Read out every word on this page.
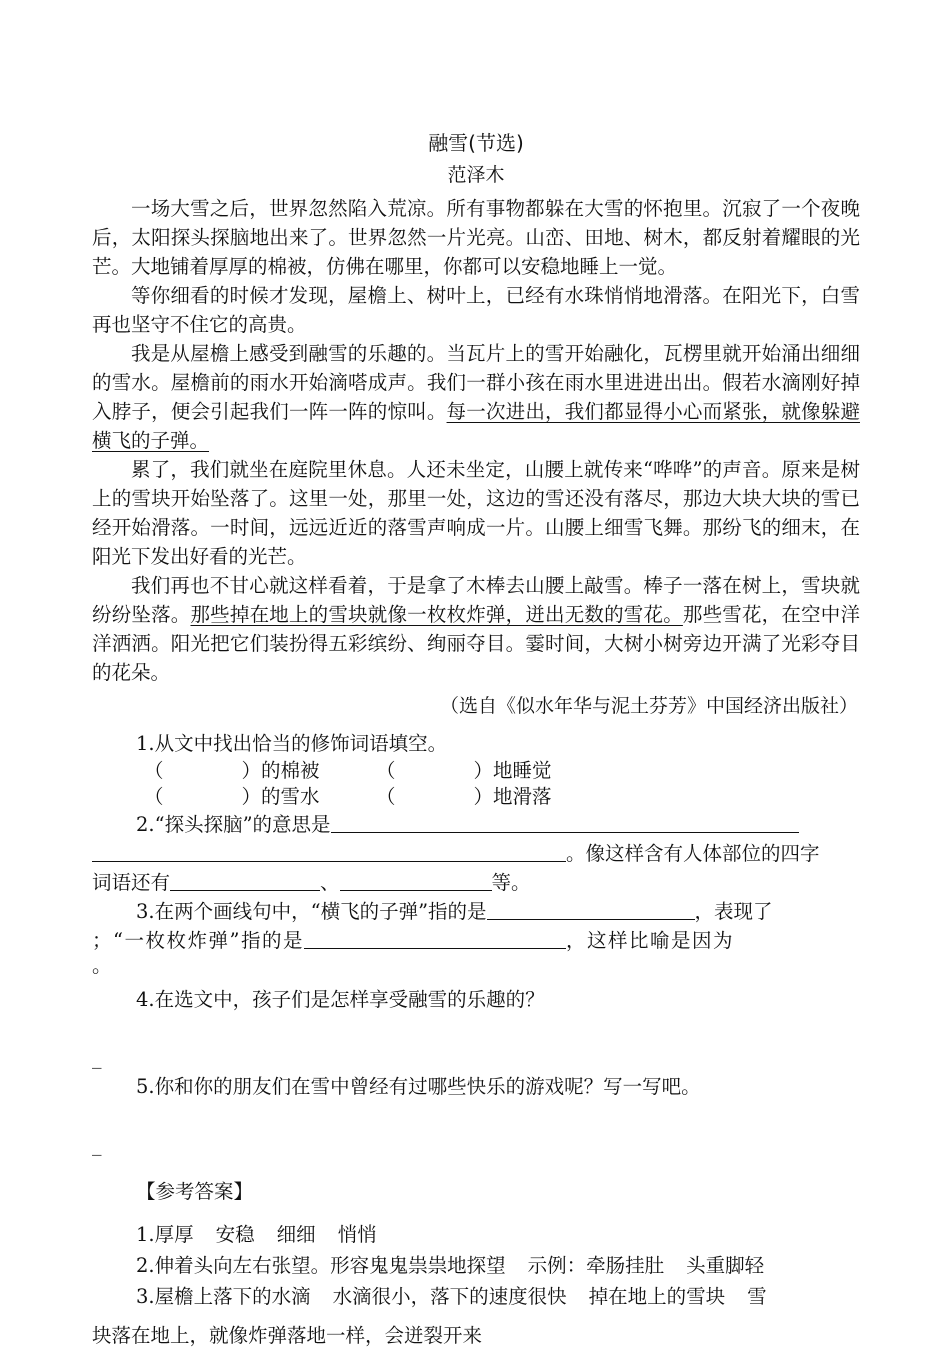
融雪(节选)

范泽木

一场大雪之后，世界忽然陷入荒凉。所有事物都躲在大雪的怀抱里。沉寂了一个夜晚后，太阳探头探脑地出来了。世界忽然一片光亮。山峦、田地、树木，都反射着耀眼的光芒。大地铺着厚厚的棉被，仿佛在哪里，你都可以安稳地睡上一觉。

等你细看的时候才发现，屋檐上、树叶上，已经有水珠悄悄地滑落。在阳光下，白雪再也坚守不住它的高贵。

我是从屋檐上感受到融雪的乐趣的。当瓦片上的雪开始融化，瓦楞里就开始涌出细细的雪水。屋檐前的雨水开始滴嗒成声。我们一群小孩在雨水里进进出出。假若水滴刚好掉入脖子，便会引起我们一阵一阵的惊叫。每一次进出，我们都显得小心而紧张，就像躲避横飞的子弹。

累了，我们就坐在庭院里休息。人还未坐定，山腰上就传来“哗哗”的声音。原来是树上的雪块开始坠落了。这里一处，那里一处，这边的雪还没有落尽，那边大块大块的雪已经开始滑落。一时间，远远近近的落雪声响成一片。山腰上细雪飞舞。那纷飞的细末，在阳光下发出好看的光芒。

我们再也不甘心就这样看着，于是拿了木棒去山腰上敲雪。棒子一落在树上，雪块就纷纷坠落。那些掉在地上的雪块就像一枚枚炸弹，迸出无数的雪花。那些雪花，在空中洋洋洒洒。阳光把它们装扮得五彩缤纷、绚丽夺目。霎时间，大树小树旁边开满了光彩夺目的花朵。

（选自《似水年华与泥土芬芳》中国经济出版社）

1.从文中找出恰当的修饰词语填空。

（　　　　）的棉被	（　　　　）地睡觉
（　　　　）的雪水	（　　　　）地滑落

2.“探头探脑”的意思是

。像这样含有人体部位的四字

词语还有	、	等。

3.在两个画线句中，“横飞的子弹”指的是	，表现了

；“一枚枚炸弹”指的是	，这样比喻是因为

。

4.在选文中，孩子们是怎样享受融雪的乐趣的？

_

5.你和你的朋友们在雪中曾经有过哪些快乐的游戏呢？写一写吧。

_

【参考答案】

1.厚厚 安稳 细细 悄悄

2.伸着头向左右张望。形容鬼鬼祟祟地探望 示例：牵肠挂肚 头重脚轻

3.屋檐上落下的水滴 水滴很小，落下的速度很快 掉在地上的雪块 雪

块落在地上，就像炸弹落地一样，会迸裂开来
